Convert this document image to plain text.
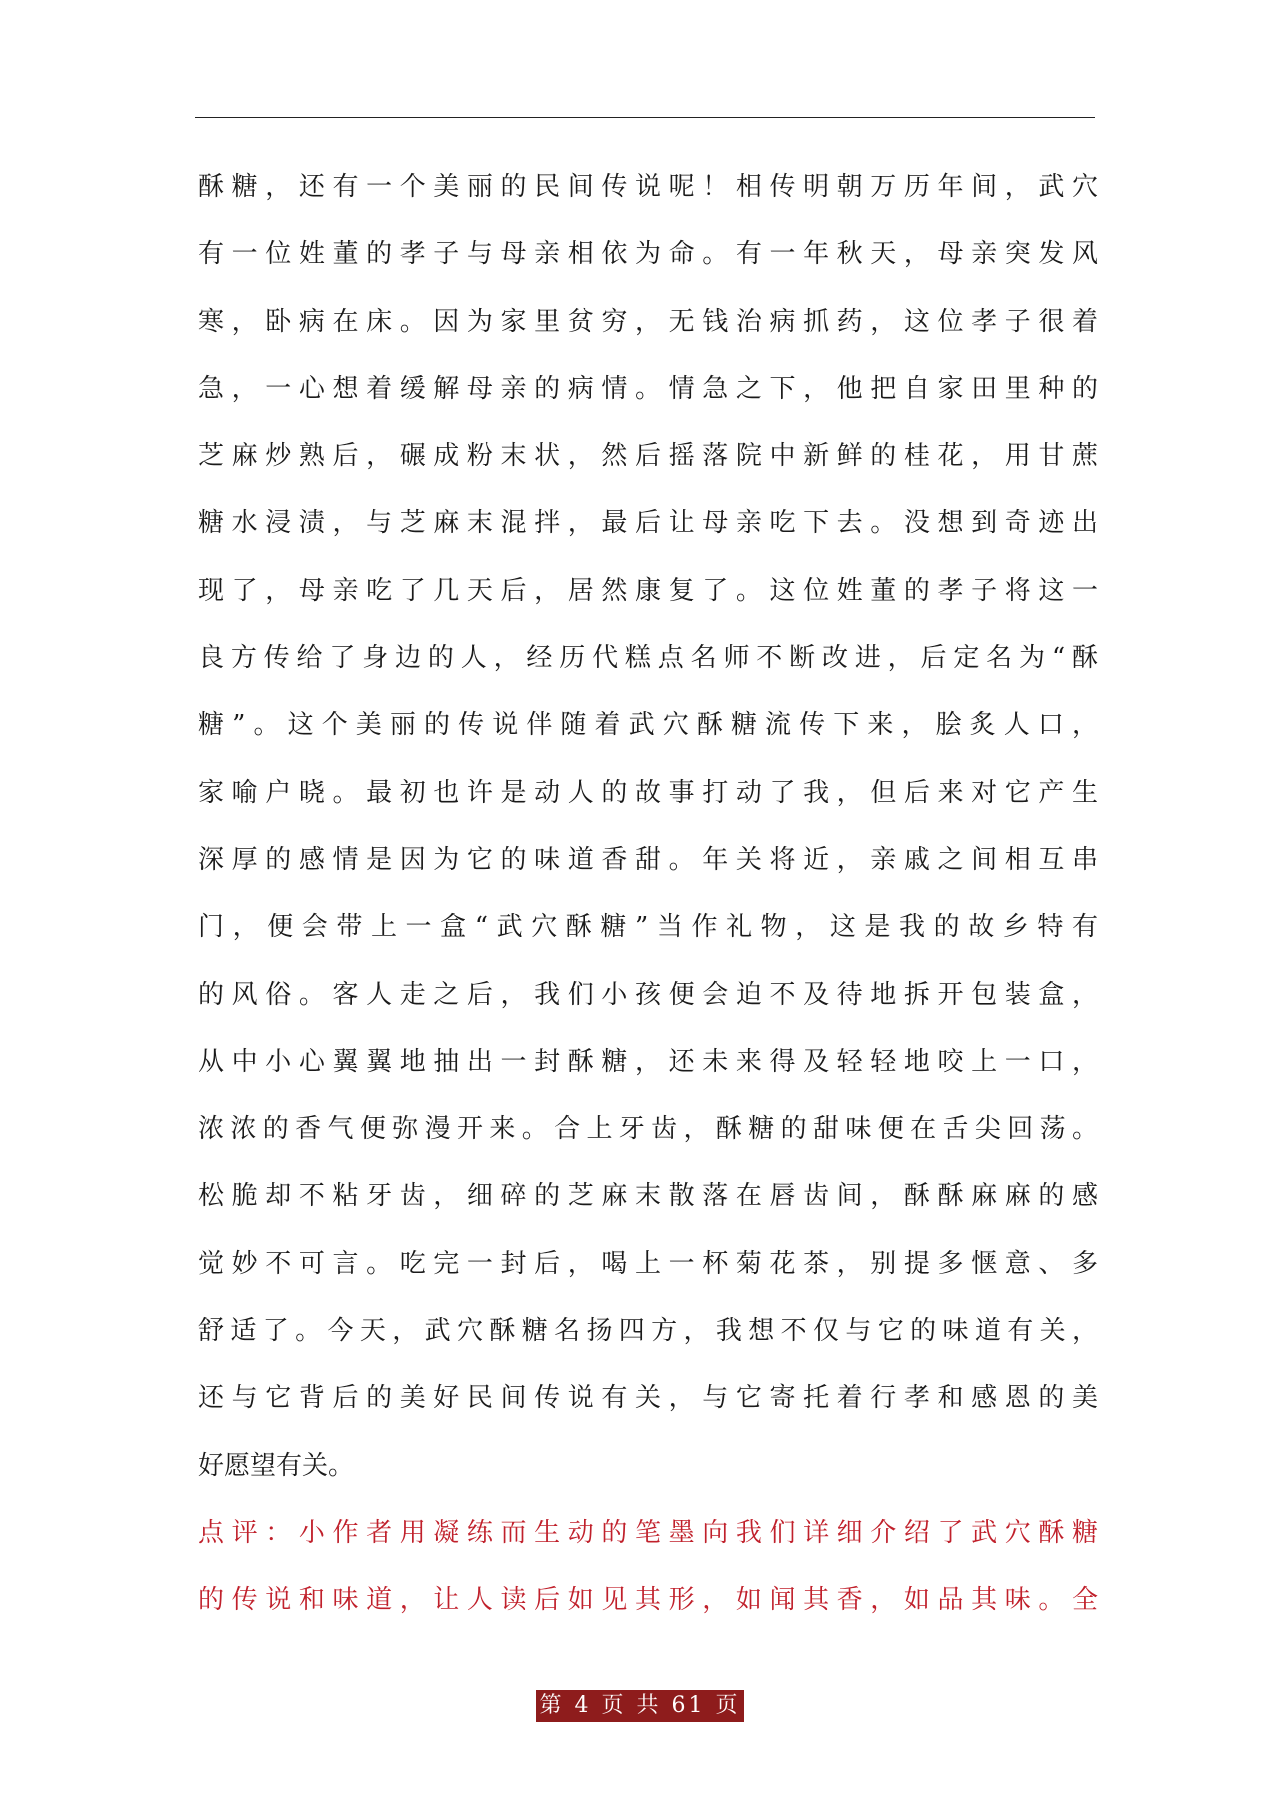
酥糖，还有一个美丽的民间传说呢！相传明朝万历年间，武穴
有一位姓董的孝子与母亲相依为命。有一年秋天，母亲突发风
寒，卧病在床。因为家里贫穷，无钱治病抓药，这位孝子很着
急，一心想着缓解母亲的病情。情急之下，他把自家田里种的
芝麻炒熟后，碾成粉末状，然后摇落院中新鲜的桂花，用甘蔗
糖水浸渍，与芝麻末混拌，最后让母亲吃下去。没想到奇迹出
现了，母亲吃了几天后，居然康复了。这位姓董的孝子将这一
良方传给了身边的人，经历代糕点名师不断改进，后定名为“酥
糖”。这个美丽的传说伴随着武穴酥糖流传下来，脍炙人口，
家喻户晓。最初也许是动人的故事打动了我，但后来对它产生
深厚的感情是因为它的味道香甜。年关将近，亲戚之间相互串
门，便会带上一盒“武穴酥糖”当作礼物，这是我的故乡特有
的风俗。客人走之后，我们小孩便会迫不及待地拆开包装盒，
从中小心翼翼地抽出一封酥糖，还未来得及轻轻地咬上一口，
浓浓的香气便弥漫开来。合上牙齿，酥糖的甜味便在舌尖回荡。
松脆却不粘牙齿，细碎的芝麻末散落在唇齿间，酥酥麻麻的感
觉妙不可言。吃完一封后，喝上一杯菊花茶，别提多惬意、多
舒适了。今天，武穴酥糖名扬四方，我想不仅与它的味道有关，
还与它背后的美好民间传说有关，与它寄托着行孝和感恩的美
好愿望有关。
点评：小作者用凝练而生动的笔墨向我们详细介绍了武穴酥糖
的传说和味道，让人读后如见其形，如闻其香，如品其味。全
第 4 页 共 61 页
